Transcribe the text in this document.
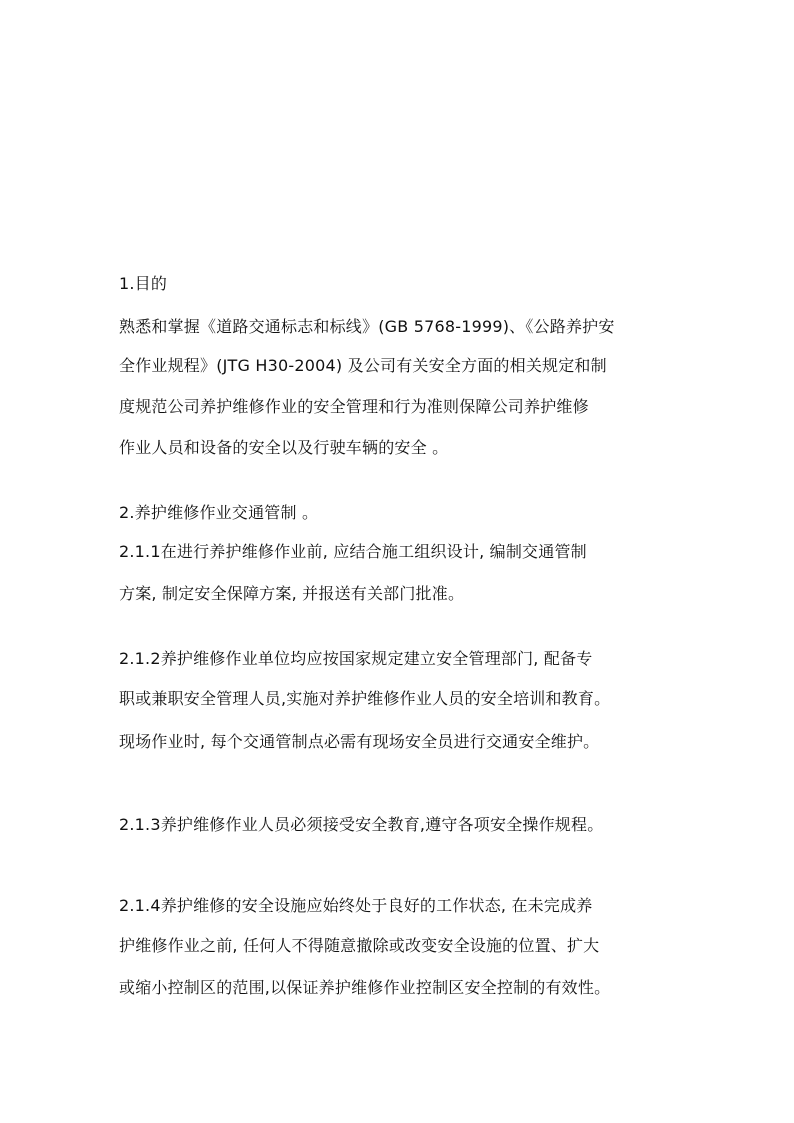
1.目的
熟悉和掌握《道路交通标志和标线》(GB 5768-1999)、《公路养护安
全作业规程》(JTG H30-2004) 及公司有关安全方面的相关规定和制
度规范公司养护维修作业的安全管理和行为准则保障公司养护维修
作业人员和设备的安全以及行驶车辆的安全 。
2.养护维修作业交通管制 。
2.1.1在进行养护维修作业前, 应结合施工组织设计, 编制交通管制
方案, 制定安全保障方案, 并报送有关部门批准。
2.1.2养护维修作业单位均应按国家规定建立安全管理部门, 配备专
职或兼职安全管理人员,实施对养护维修作业人员的安全培训和教育。
现场作业时, 每个交通管制点必需有现场安全员进行交通安全维护。
2.1.3养护维修作业人员必须接受安全教育,遵守各项安全操作规程。
2.1.4养护维修的安全设施应始终处于良好的工作状态, 在未完成养
护维修作业之前, 任何人不得随意撤除或改变安全设施的位置、扩大
或缩小控制区的范围,以保证养护维修作业控制区安全控制的有效性。
